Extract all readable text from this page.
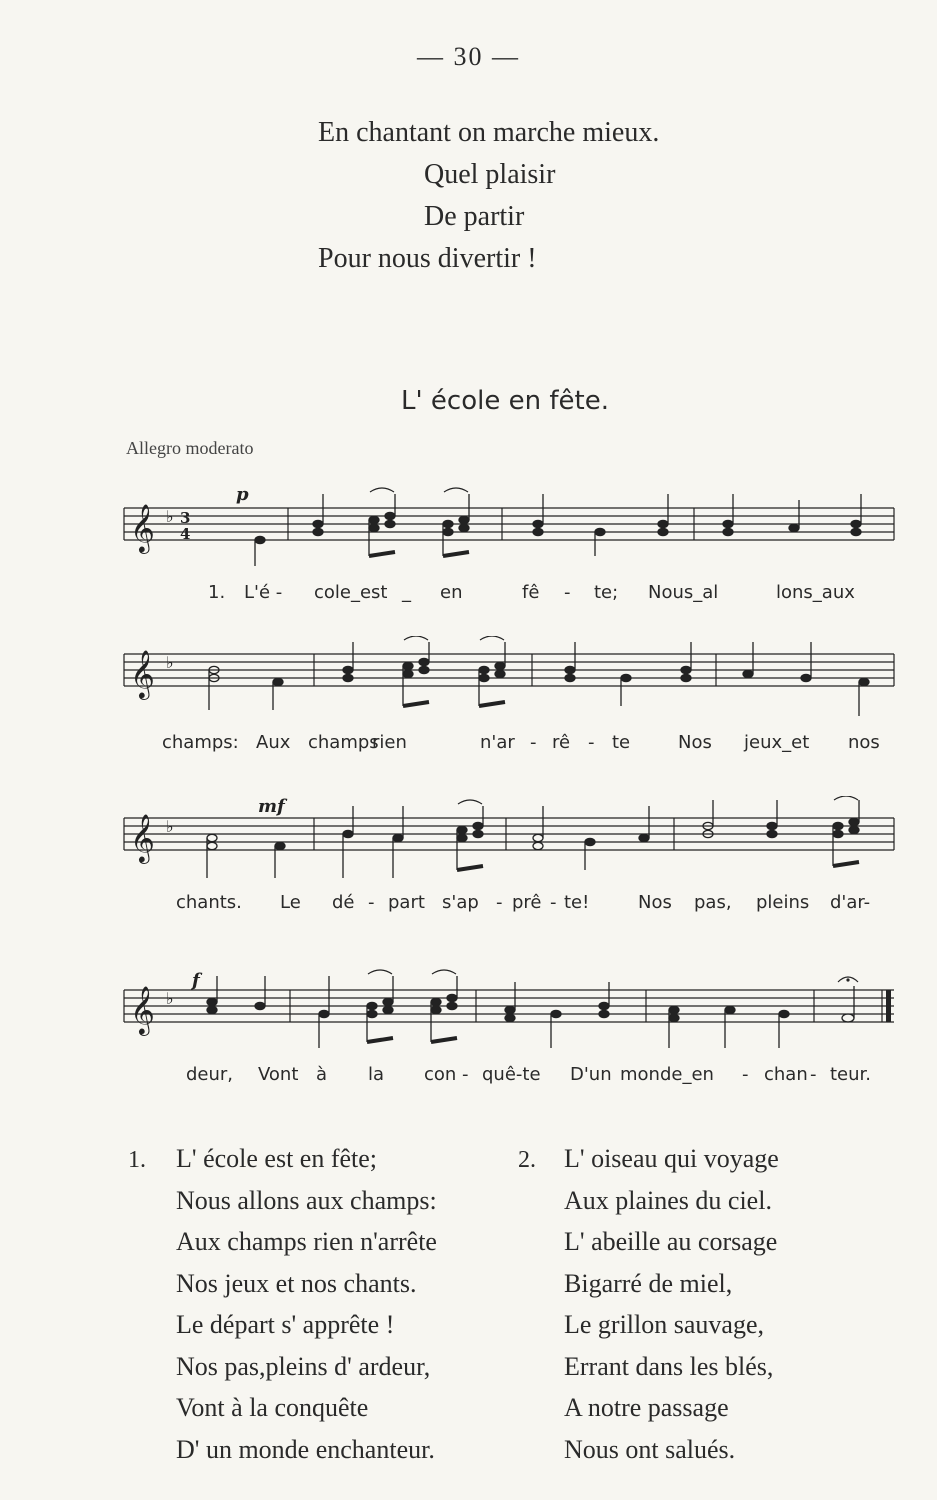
— 30 —
En chantant on marche mieux.
Quel plaisir
De partir
Pour nous divertir !
L' école en fête.
Allegro moderato
𝄞 ♭ 3
4
p
1. L'é - cole_est _ en	fê - te; Nous_al	lons_aux
𝄞 ♭
champs: Aux champs
rien	n'ar - rê - te	Nos jeux_et nos
𝄞 ♭
mf
chants. Le dé - part s'ap - prê - te!	Nos pas, pleins d'ar-
𝄞 ♭
f
deur, Vont à la con - quê-te D'un monde_en - chan - teur.
1. L' école est en fête;
Nous allons aux champs:
Aux champs rien n'arrête
Nos jeux et nos chants.
Le départ s' apprête !
Nos pas,pleins d' ardeur,
Vont à la conquête
D' un monde enchanteur.
2. L' oiseau qui voyage
Aux plaines du ciel.
L' abeille au corsage
Bigarré de miel,
Le grillon sauvage,
Errant dans les blés,
A notre passage
Nous ont salués.
